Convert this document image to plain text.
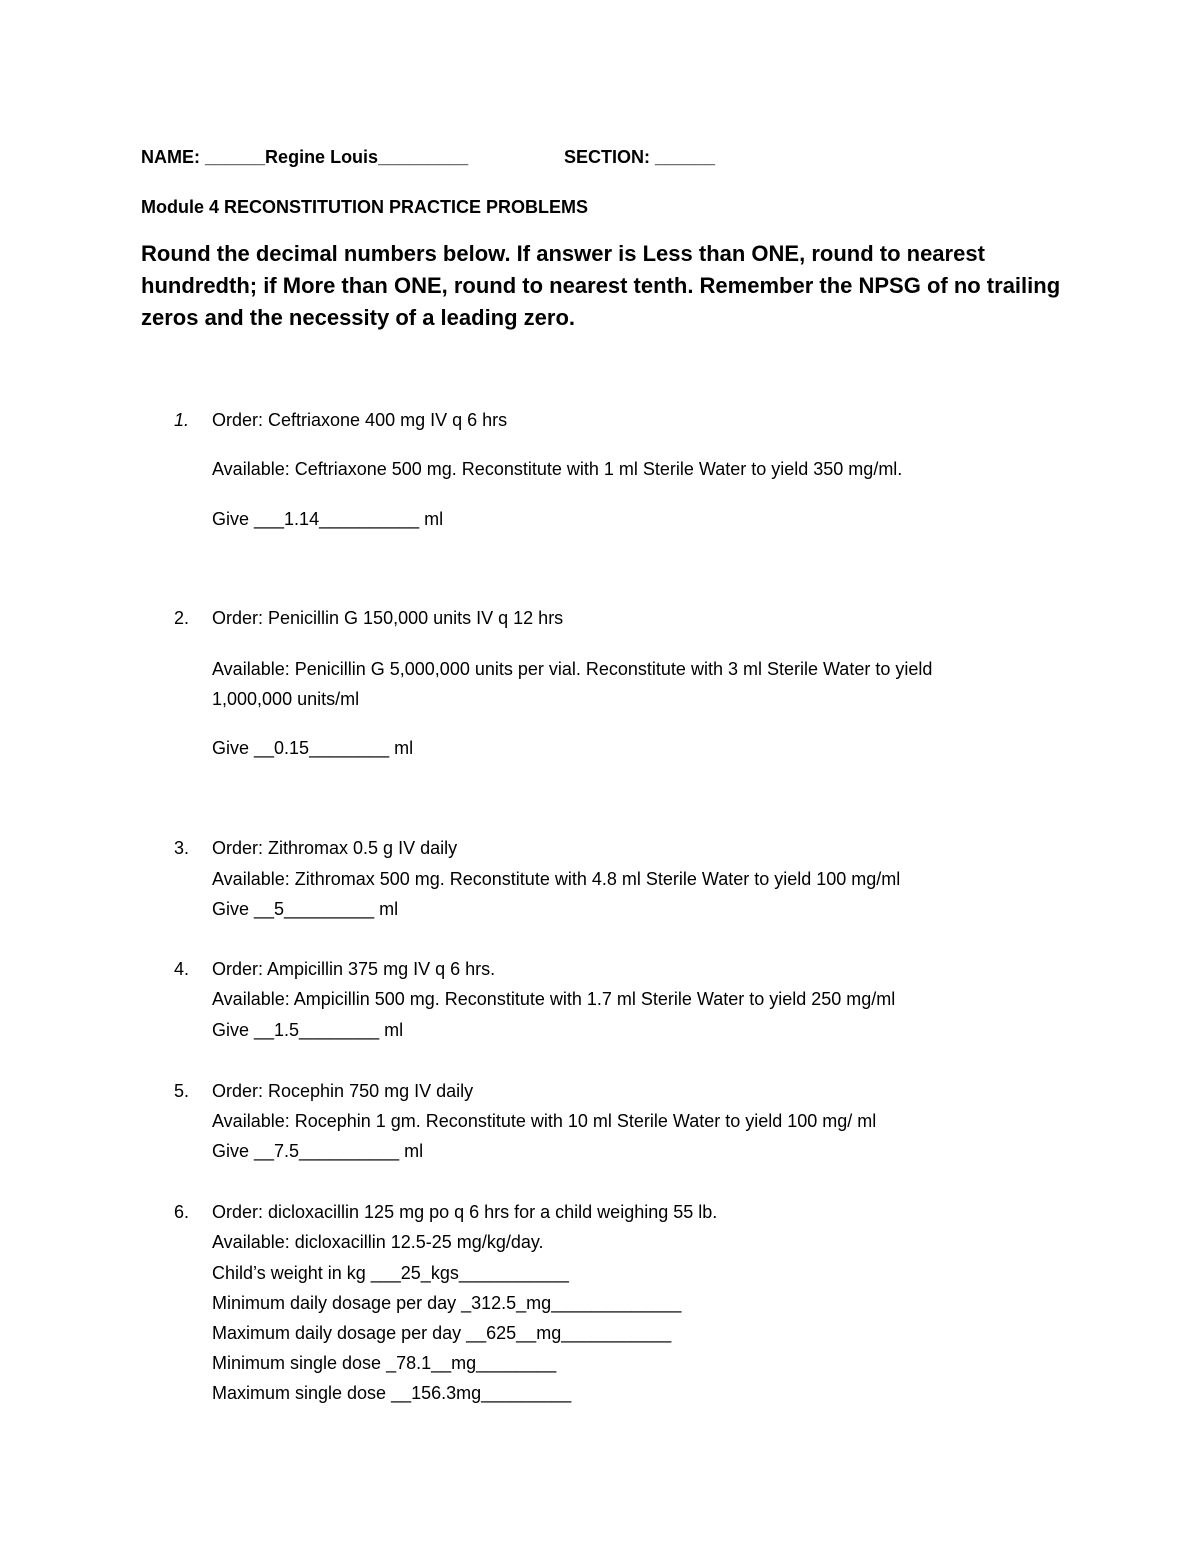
NAME: ______Regine Louis_________	SECTION: ______
Module 4 RECONSTITUTION PRACTICE PROBLEMS
Round the decimal numbers below. If answer is Less than ONE, round to nearest hundredth; if More than ONE, round to nearest tenth. Remember the NPSG of no trailing zeros and the necessity of a leading zero.
1. Order: Ceftriaxone 400 mg IV q 6 hrs
Available: Ceftriaxone 500 mg. Reconstitute with 1 ml Sterile Water to yield 350 mg/ml.
Give ___1.14__________ ml
2. Order: Penicillin G 150,000 units IV q 12 hrs
Available: Penicillin G 5,000,000 units per vial. Reconstitute with 3 ml Sterile Water to yield
1,000,000 units/ml
Give __0.15________ ml
3. Order: Zithromax 0.5 g IV daily
Available: Zithromax 500 mg. Reconstitute with 4.8 ml Sterile Water to yield 100 mg/ml
Give __5_________ ml
4. Order: Ampicillin 375 mg IV q 6 hrs.
Available: Ampicillin 500 mg. Reconstitute with 1.7 ml Sterile Water to yield 250 mg/ml
Give __1.5________ ml
5. Order: Rocephin 750 mg IV daily
Available: Rocephin 1 gm. Reconstitute with 10 ml Sterile Water to yield 100 mg/ ml
Give __7.5__________ ml
6. Order: dicloxacillin 125 mg po q 6 hrs for a child weighing 55 lb.
Available: dicloxacillin 12.5-25 mg/kg/day.
Child’s weight in kg ___25_kgs___________
Minimum daily dosage per day _312.5_mg_____________
Maximum daily dosage per day __625__mg___________
Minimum single dose _78.1__mg________
Maximum single dose __156.3mg_________
